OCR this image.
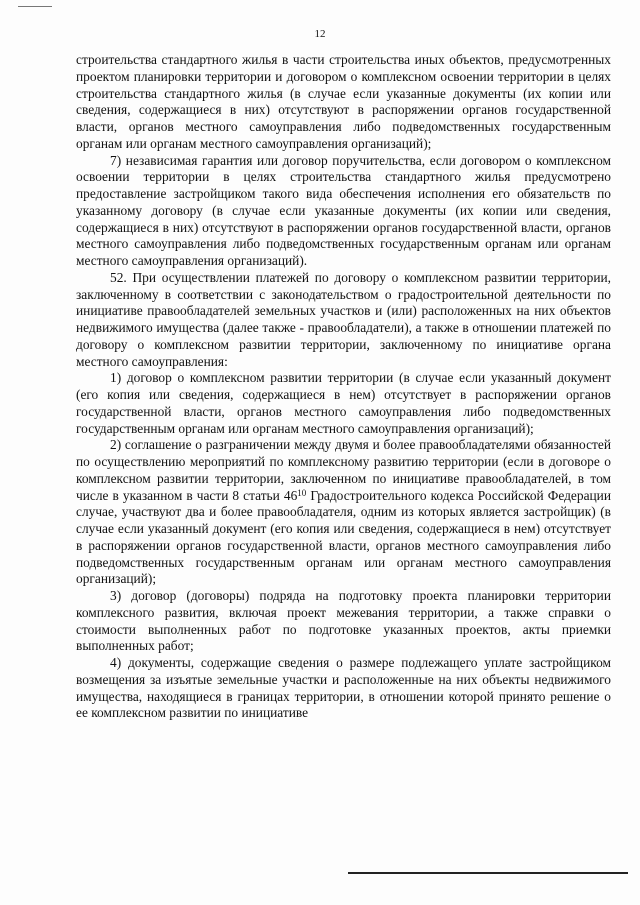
12

строительства стандартного жилья в части строительства иных объектов, предусмотренных проектом планировки территории и договором о комплексном освоении территории в целях строительства стандартного жилья (в случае если указанные документы (их копии или сведения, содержащиеся в них) отсутствуют в распоряжении органов государственной власти, органов местного самоуправления либо подведомственных государственным органам или органам местного самоуправления организаций);

7) независимая гарантия или договор поручительства, если договором о комплексном освоении территории в целях строительства стандартного жилья предусмотрено предоставление застройщиком такого вида обеспечения исполнения его обязательств по указанному договору (в случае если указанные документы (их копии или сведения, содержащиеся в них) отсутствуют в распоряжении органов государственной власти, органов местного самоуправления либо подведомственных государственным органам или органам местного самоуправления организаций).

52. При осуществлении платежей по договору о комплексном развитии территории, заключенному в соответствии с законодательством о градостроительной деятельности по инициативе правообладателей земельных участков и (или) расположенных на них объектов недвижимого имущества (далее также - правообладатели), а также в отношении платежей по договору о комплексном развитии территории, заключенному по инициативе органа местного самоуправления:

1) договор о комплексном развитии территории (в случае если указанный документ (его копия или сведения, содержащиеся в нем) отсутствует в распоряжении органов государственной власти, органов местного самоуправления либо подведомственных государственным органам или органам местного самоуправления организаций);

2) соглашение о разграничении между двумя и более правообладателями обязанностей по осуществлению мероприятий по комплексному развитию территории (если в договоре о комплексном развитии территории, заключенном по инициативе правообладателей, в том числе в указанном в части 8 статьи $46^{10}$ Градостроительного кодекса Российской Федерации случае, участвуют два и более правообладателя, одним из которых является застройщик) (в случае если указанный документ (его копия или сведения, содержащиеся в нем) отсутствует в распоряжении органов государственной власти, органов местного самоуправления либо подведомственных государственным органам или органам местного самоуправления организаций);

3) договор (договоры) подряда на подготовку проекта планировки территории комплексного развития, включая проект межевания территории, а также справки о стоимости выполненных работ по подготовке указанных проектов, акты приемки выполненных работ;

4) документы, содержащие сведения о размере подлежащего уплате застройщиком возмещения за изъятые земельные участки и расположенные на них объекты недвижимого имущества, находящиеся в границах территории, в отношении которой принято решение о ее комплексном развитии по инициативе
